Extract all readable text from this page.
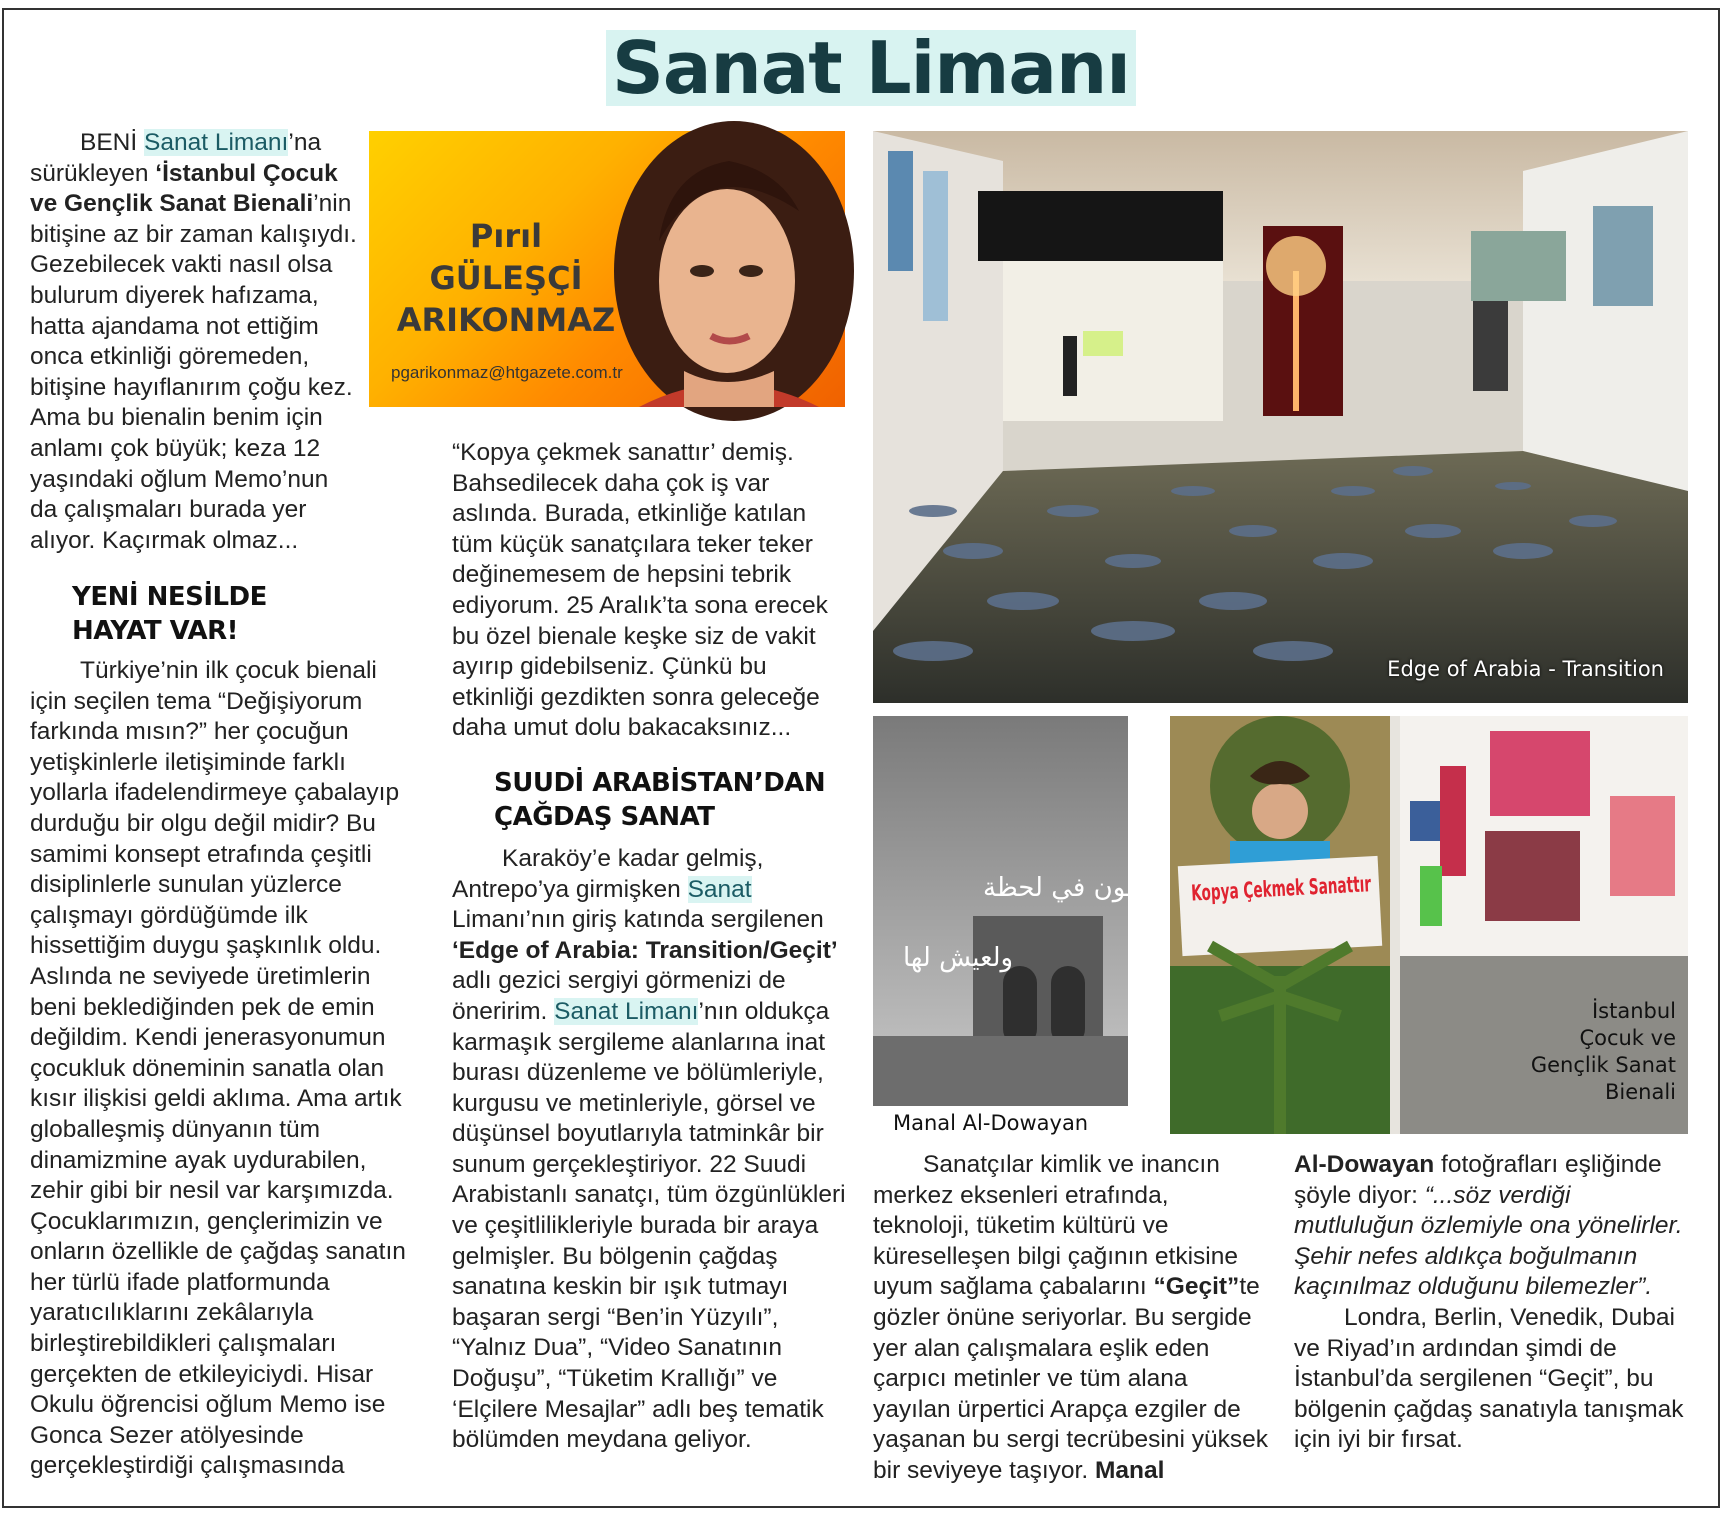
Sanat Limanı
Pırıl
GÜLEŞÇİ
ARIKONMAZ
pgarikonmaz@htgazete.com.tr

BENİ Sanat Limanı’na sürükleyen ‘İstanbul Çocuk ve Gençlik Sanat Bienali’nin bitişine az bir zaman kalışıydı. Gezebilecek vakti nasıl olsa bulurum diyerek hafızama, hatta ajandama not ettiğim onca etkinliği göremeden, bitişine hayıflanırım çoğu kez. Ama bu bienalin benim için anlamı çok büyük; keza 12 yaşındaki oğlum Memo’nun da çalışmaları burada yer alıyor. Kaçırmak olmaz...

YENİ NESİLDE HAYAT VAR!

Türkiye’nin ilk çocuk bienali için seçilen tema “Değişiyorum farkında mısın?” her çocuğun yetişkinlerle iletişiminde farklı yollarla ifadelendirmeye çabalayıp durduğu bir olgu değil midir? Bu samimi konsept etrafında çeşitli disiplinlerle sunulan yüzlerce çalışmayı gördüğümde ilk hissettiğim duygu şaşkınlık oldu. Aslında ne seviyede üretimlerin beni beklediğinden pek de emin değildim. Kendi jenerasyonumun çocukluk döneminin sanatla olan kısır ilişkisi geldi aklıma. Ama artık globalleşmiş dünyanın tüm dinamizmine ayak uydurabilen, zehir gibi bir nesil var karşımızda. Çocuklarımızın, gençlerimizin ve onların özellikle de çağdaş sanatın her türlü ifade platformunda yaratıcılıklarını zekâlarıyla birleştirebildikleri çalışmaları gerçekten de etkileyiciydi. Hisar Okulu öğrencisi oğlum Memo ise Gonca Sezer atölyesinde gerçekleştirdiği çalışmasında

“Kopya çekmek sanattır’ demiş. Bahsedilecek daha çok iş var aslında. Burada, etkinliğe katılan tüm küçük sanatçılara teker teker değinemesem de hepsini tebrik ediyorum. 25 Aralık’ta sona erecek bu özel bienale keşke siz de vakit ayırıp gidebilseniz. Çünkü bu etkinliği gezdikten sonra geleceğe daha umut dolu bakacaksınız...

SUUDİ ARABİSTAN’DAN ÇAĞDAŞ SANAT

Karaköy’e kadar gelmiş, Antrepo’ya girmişken Sanat Limanı’nın giriş katında sergilenen ‘Edge of Arabia: Transition/Geçit’ adlı gezici sergiyi görmenizi de öneririm. Sanat Limanı’nın oldukça karmaşık sergileme alanlarına inat burası düzenleme ve bölümleriyle, kurgusu ve metinleriyle, görsel ve düşünsel boyutlarıyla tatminkâr bir sunum gerçekleştiriyor. 22 Suudi Arabistanlı sanatçı, tüm özgünlükleri ve çeşitlilikleriyle burada bir araya gelmişler. Bu bölgenin çağdaş sanatına keskin bir ışık tutmayı başaran sergi “Ben’in Yüzyılı”, “Yalnız Dua”, “Video Sanatının Doğuşu”, “Tüketim Krallığı” ve ‘Elçilere Mesajlar” adlı beş tematik bölümden meydana geliyor.

Edge of Arabia - Transition
أمون في لحظة
ولعيش لها
Manal Al-Dowayan
Kopya Çekmek Sanattır
İstanbul Çocuk ve Gençlik Sanat Bienali

Sanatçılar kimlik ve inancın merkez eksenleri etrafında, teknoloji, tüketim kültürü ve küreselleşen bilgi çağının etkisine uyum sağlama çabalarını “Geçit”te gözler önüne seriyorlar. Bu sergide yer alan çalışmalara eşlik eden çarpıcı metinler ve tüm alana yayılan ürpertici Arapça ezgiler de yaşanan bu sergi tecrübesini yüksek bir seviyeye taşıyor. Manal

Al-Dowayan fotoğrafları eşliğinde şöyle diyor: “...söz verdiği mutluluğun özlemiyle ona yönelirler. Şehir nefes aldıkça boğulmanın kaçınılmaz olduğunu bilemezler”.

Londra, Berlin, Venedik, Dubai ve Riyad’ın ardından şimdi de İstanbul’da sergilenen “Geçit”, bu bölgenin çağdaş sanatıyla tanışmak için iyi bir fırsat.
